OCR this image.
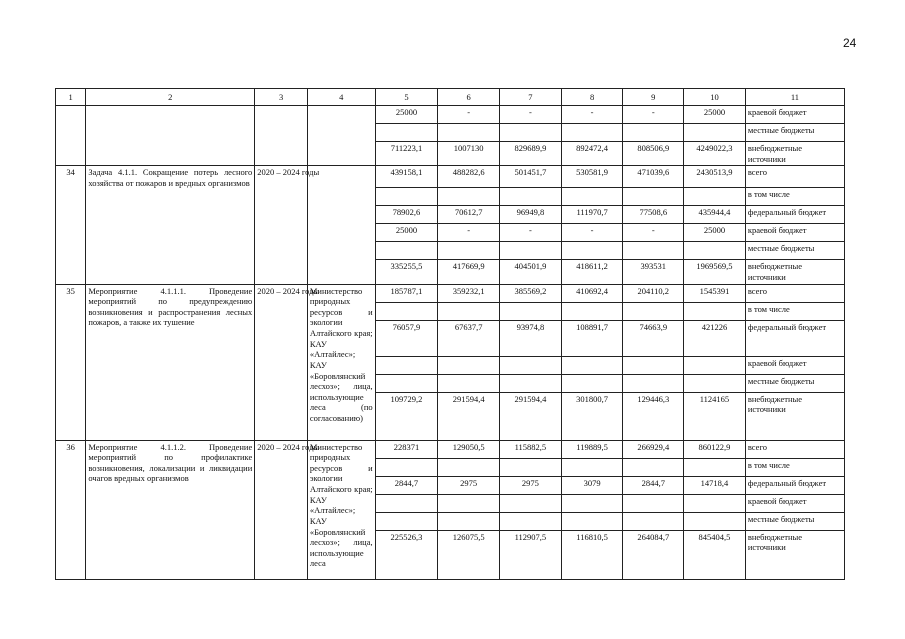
24
1	2	3	4	5	6	7	8	9	10	11
				25000	-	-	-	-	25000	краевой бюджет
										местные бюджеты
				711223,1	1007130	829689,9	892472,4	808506,9	4249022,3	внебюджетные источники
34	Задача 4.1.1. Сокращение потерь лесного хозяйства от пожаров и вредных организмов	2020 – 2024 годы		439158,1	488282,6	501451,7	530581,9	471039,6	2430513,9	всего
										в том числе
				78902,6	70612,7	96949,8	111970,7	77508,6	435944,4	федеральный бюджет
				25000	-	-	-	-	25000	краевой бюджет
										местные бюджеты
				335255,5	417669,9	404501,9	418611,2	393531	1969569,5	внебюджетные источники
35	Мероприятие 4.1.1.1. Проведение мероприятий по предупреждению возникновения и распространения лесных пожаров, а также их тушение	2020 – 2024 годы	Министерство природных ресурсов и экологии Алтайского края; КАУ «Алтайлес»; КАУ «Боровлянский лесхоз»; лица, использующие леса (по согласованию)	185787,1	359232,1	385569,2	410692,4	204110,2	1545391	всего
										в том числе
				76057,9	67637,7	93974,8	108891,7	74663,9	421226	федеральный бюджет
										краевой бюджет
										местные бюджеты
				109729,2	291594,4	291594,4	301800,7	129446,3	1124165	внебюджетные источники
36	Мероприятие 4.1.1.2. Проведение мероприятий по профилактике возникновения, локализации и ликвидации очагов вредных организмов	2020 – 2024 годы	Министерство природных ресурсов и экологии Алтайского края; КАУ «Алтайлес»; КАУ «Боровлянский лесхоз»; лица, использующие леса	228371	129050,5	115882,5	119889,5	266929,4	860122,9	всего
										в том числе
				2844,7	2975	2975	3079	2844,7	14718,4	федеральный бюджет
										краевой бюджет
										местные бюджеты
				225526,3	126075,5	112907,5	116810,5	264084,7	845404,5	внебюджетные источники
